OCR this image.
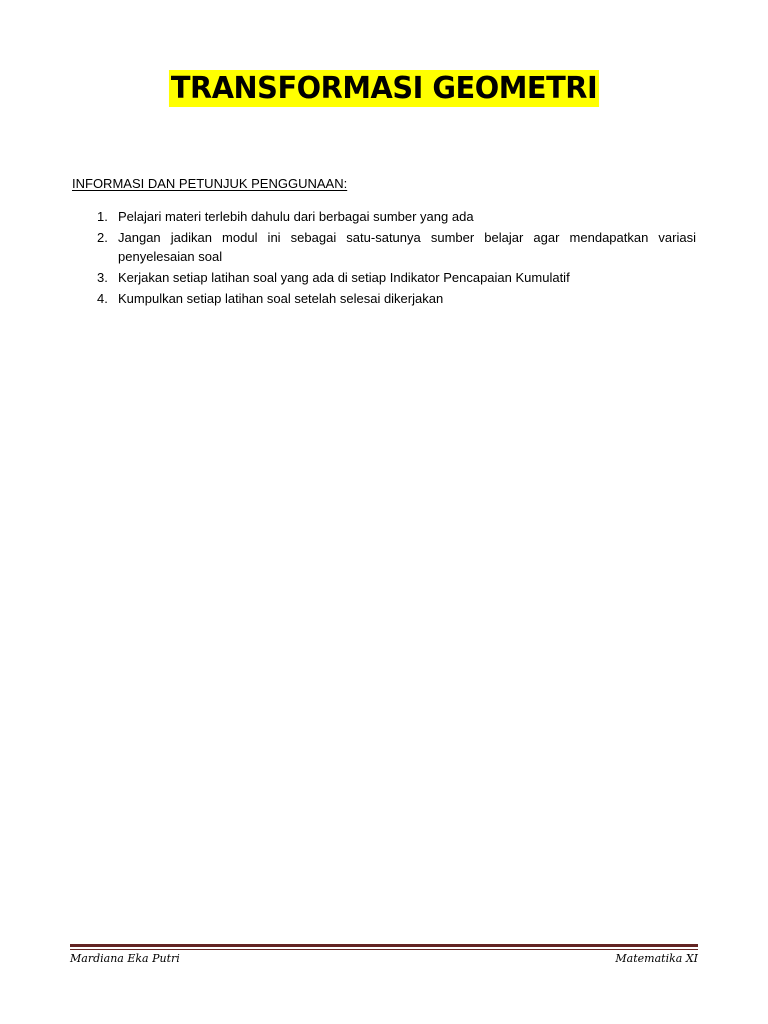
TRANSFORMASI GEOMETRI
INFORMASI DAN PETUNJUK PENGGUNAAN:
1. Pelajari materi terlebih dahulu dari berbagai sumber yang ada
2. Jangan jadikan modul ini sebagai satu-satunya sumber belajar agar mendapatkan variasi penyelesaian soal
3. Kerjakan setiap latihan soal yang ada di setiap Indikator Pencapaian Kumulatif
4. Kumpulkan setiap latihan soal setelah selesai dikerjakan
Mardiana Eka Putri	Matematika XI
